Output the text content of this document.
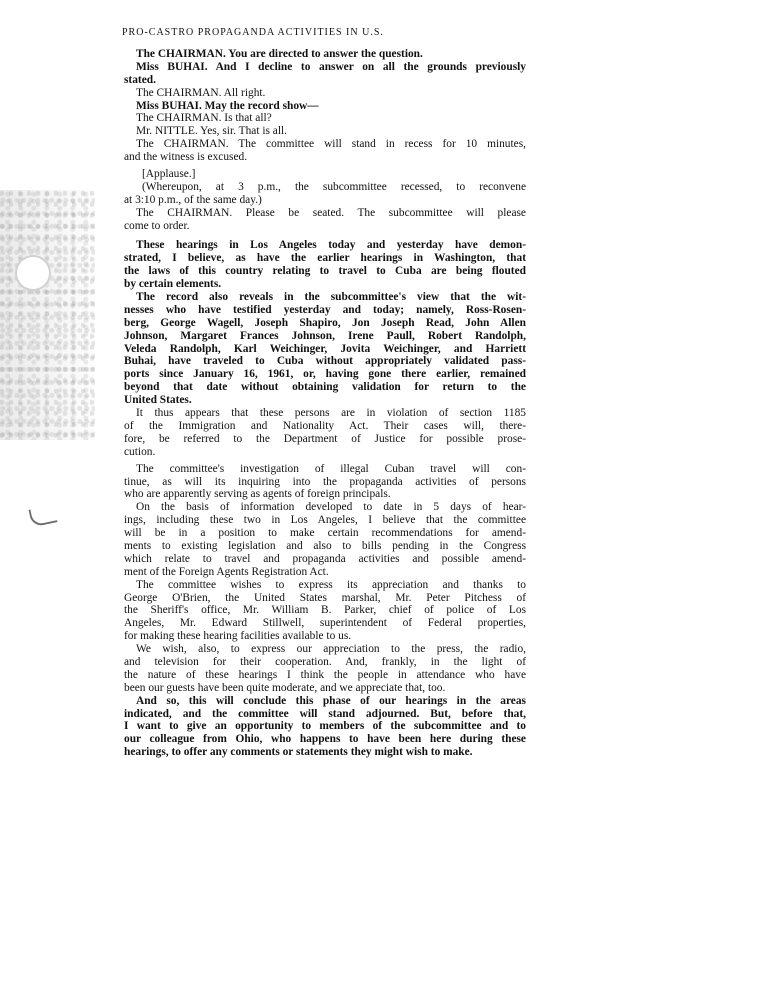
PRO-CASTRO PROPAGANDA ACTIVITIES IN U.S.
The CHAIRMAN. You are directed to answer the question.
Miss BUHAI. And I decline to answer on all the grounds previously
stated.
The CHAIRMAN. All right.
Miss BUHAI. May the record show—
The CHAIRMAN. Is that all?
Mr. NITTLE. Yes, sir. That is all.
The CHAIRMAN. The committee will stand in recess for 10 minutes,
and the witness is excused.
[Applause.]
(Whereupon, at 3 p.m., the subcommittee recessed, to reconvene
at 3:10 p.m., of the same day.)
The CHAIRMAN. Please be seated. The subcommittee will please
come to order.
These hearings in Los Angeles today and yesterday have demon-
strated, I believe, as have the earlier hearings in Washington, that
the laws of this country relating to travel to Cuba are being flouted
by certain elements.
The record also reveals in the subcommittee's view that the wit-
nesses who have testified yesterday and today; namely, Ross-Rosen-
berg, George Wagell, Joseph Shapiro, Jon Joseph Read, John Allen
Johnson, Margaret Frances Johnson, Irene Paull, Robert Randolph,
Veleda Randolph, Karl Weichinger, Jovita Weichinger, and Harriett
Buhai, have traveled to Cuba without appropriately validated pass-
ports since January 16, 1961, or, having gone there earlier, remained
beyond that date without obtaining validation for return to the
United States.
It thus appears that these persons are in violation of section 1185
of the Immigration and Nationality Act. Their cases will, there-
fore, be referred to the Department of Justice for possible prose-
cution.
The committee's investigation of illegal Cuban travel will con-
tinue, as will its inquiring into the propaganda activities of persons
who are apparently serving as agents of foreign principals.
On the basis of information developed to date in 5 days of hear-
ings, including these two in Los Angeles, I believe that the committee
will be in a position to make certain recommendations for amend-
ments to existing legislation and also to bills pending in the Congress
which relate to travel and propaganda activities and possible amend-
ment of the Foreign Agents Registration Act.
The committee wishes to express its appreciation and thanks to
George O'Brien, the United States marshal, Mr. Peter Pitchess of
the Sheriff's office, Mr. William B. Parker, chief of police of Los
Angeles, Mr. Edward Stillwell, superintendent of Federal properties,
for making these hearing facilities available to us.
We wish, also, to express our appreciation to the press, the radio,
and television for their cooperation. And, frankly, in the light of
the nature of these hearings I think the people in attendance who have
been our guests have been quite moderate, and we appreciate that, too.
And so, this will conclude this phase of our hearings in the areas
indicated, and the committee will stand adjourned. But, before that,
I want to give an opportunity to members of the subcommittee and to
our colleague from Ohio, who happens to have been here during these
hearings, to offer any comments or statements they might wish to make.
